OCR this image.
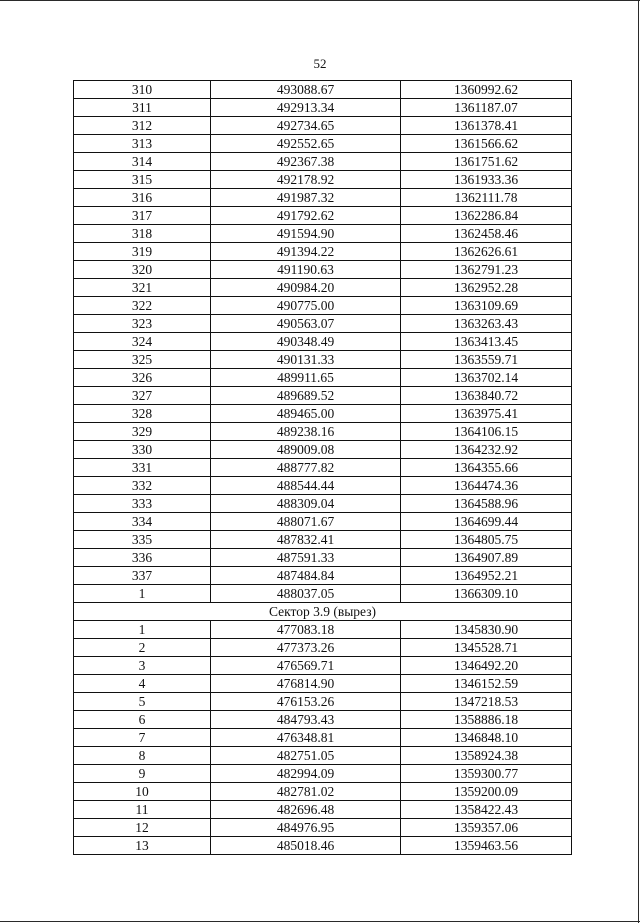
52
310	493088.67	1360992.62
311	492913.34	1361187.07
312	492734.65	1361378.41
313	492552.65	1361566.62
314	492367.38	1361751.62
315	492178.92	1361933.36
316	491987.32	1362111.78
317	491792.62	1362286.84
318	491594.90	1362458.46
319	491394.22	1362626.61
320	491190.63	1362791.23
321	490984.20	1362952.28
322	490775.00	1363109.69
323	490563.07	1363263.43
324	490348.49	1363413.45
325	490131.33	1363559.71
326	489911.65	1363702.14
327	489689.52	1363840.72
328	489465.00	1363975.41
329	489238.16	1364106.15
330	489009.08	1364232.92
331	488777.82	1364355.66
332	488544.44	1364474.36
333	488309.04	1364588.96
334	488071.67	1364699.44
335	487832.41	1364805.75
336	487591.33	1364907.89
337	487484.84	1364952.21
1	488037.05	1366309.10
Сектор 3.9 (вырез)		
1	477083.18	1345830.90
2	477373.26	1345528.71
3	476569.71	1346492.20
4	476814.90	1346152.59
5	476153.26	1347218.53
6	484793.43	1358886.18
7	476348.81	1346848.10
8	482751.05	1358924.38
9	482994.09	1359300.77
10	482781.02	1359200.09
11	482696.48	1358422.43
12	484976.95	1359357.06
13	485018.46	1359463.56
